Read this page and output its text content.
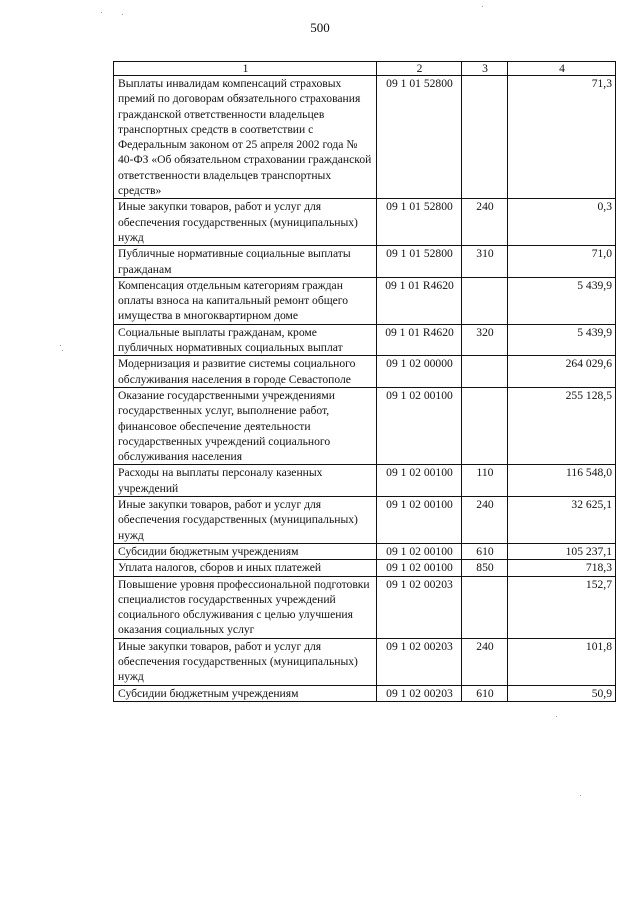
500
1	2	3	4
Выплаты инвалидам компенсаций страховых премий по договорам обязательного страхования гражданской ответственности владельцев транспортных средств в соответствии с Федеральным законом от 25 апреля 2002 года № 40-ФЗ «Об обязательном страховании гражданской ответственности владельцев транспортных средств»	09 1 01 52800		71,3
Иные закупки товаров, работ и услуг для обеспечения государственных (муниципальных) нужд	09 1 01 52800	240	0,3
Публичные нормативные социальные выплаты гражданам	09 1 01 52800	310	71,0
Компенсация отдельным категориям граждан оплаты взноса на капитальный ремонт общего имущества в многоквартирном доме	09 1 01 R4620		5 439,9
Социальные выплаты гражданам, кроме публичных нормативных социальных выплат	09 1 01 R4620	320	5 439,9
Модернизация и развитие системы социального обслуживания населения в городе Севастополе	09 1 02 00000		264 029,6
Оказание государственными учреждениями государственных услуг, выполнение работ, финансовое обеспечение деятельности государственных учреждений социального обслуживания населения	09 1 02 00100		255 128,5
Расходы на выплаты персоналу казенных учреждений	09 1 02 00100	110	116 548,0
Иные закупки товаров, работ и услуг для обеспечения государственных (муниципальных) нужд	09 1 02 00100	240	32 625,1
Субсидии бюджетным учреждениям	09 1 02 00100	610	105 237,1
Уплата налогов, сборов и иных платежей	09 1 02 00100	850	718,3
Повышение уровня профессиональной подготовки специалистов государственных учреждений социального обслуживания с целью улучшения оказания социальных услуг	09 1 02 00203		152,7
Иные закупки товаров, работ и услуг для обеспечения государственных (муниципальных) нужд	09 1 02 00203	240	101,8
Субсидии бюджетным учреждениям	09 1 02 00203	610	50,9
